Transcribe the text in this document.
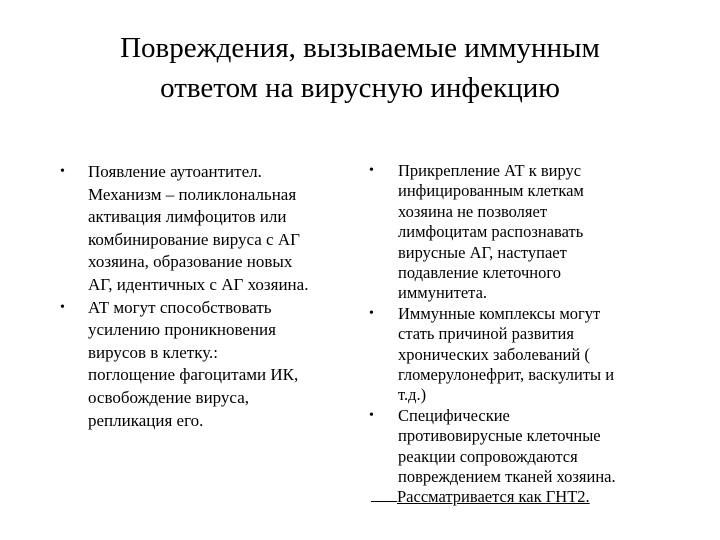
Повреждения, вызываемые иммунным
ответом на вирусную инфекцию
• Появление аутоантител.
Механизм – поликлональная
активация лимфоцитов или
комбинирование вируса с АГ
хозяина, образование новых
АГ, идентичных с АГ хозяина.
• АТ могут способствовать
усилению проникновения
вирусов в клетку.:
поглощение фагоцитами ИК,
освобождение вируса,
репликация его.
• Прикрепление АТ к вирус
инфицированным клеткам
хозяина не позволяет
лимфоцитам распознавать
вирусные АГ, наступает
подавление клеточного
иммунитета.
• Иммунные комплексы могут
стать причиной развития
хронических заболеваний (
гломерулонефрит, васкулиты и
т.д.)
• Специфические
противовирусные клеточные
реакции сопровождаются
повреждением тканей хозяина.
Рассматривается как ГНТ2.
